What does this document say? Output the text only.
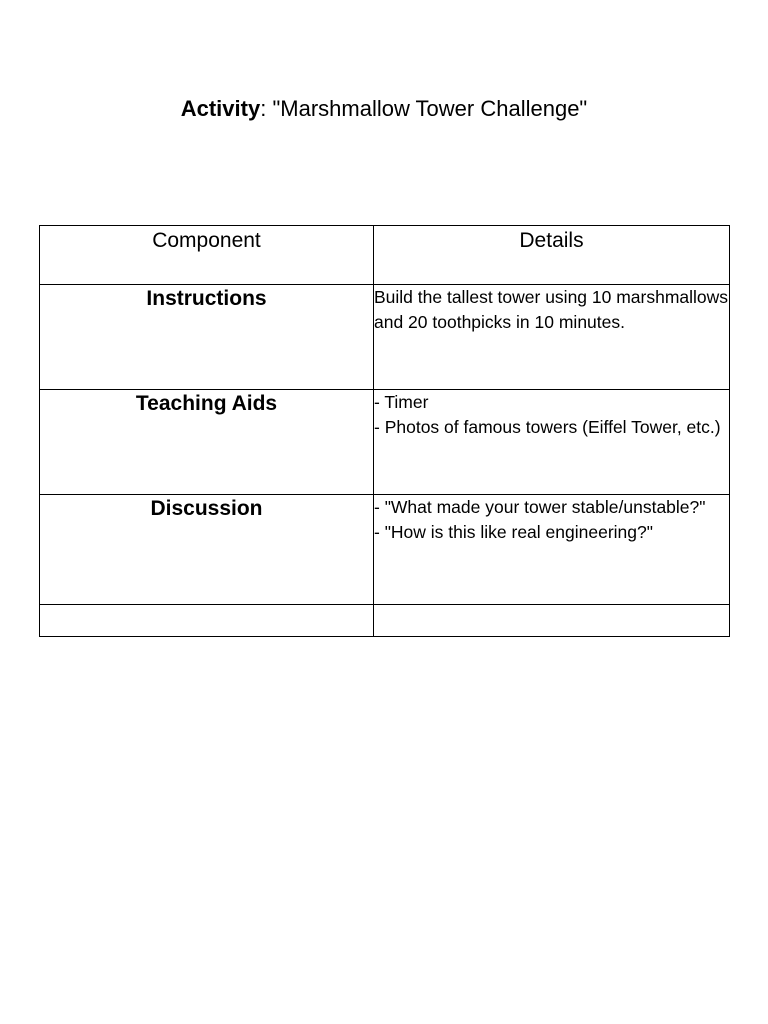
Activity: "Marshmallow Tower Challenge"
Component	Details
Instructions	Build the tallest tower using 10 marshmallows and 20 toothpicks in 10 minutes.

Teaching Aids	- Timer
- Photos of famous towers (Eiffel Tower, etc.)

Discussion	- "What made your tower stable/unstable?"
- "How is this like real engineering?"
